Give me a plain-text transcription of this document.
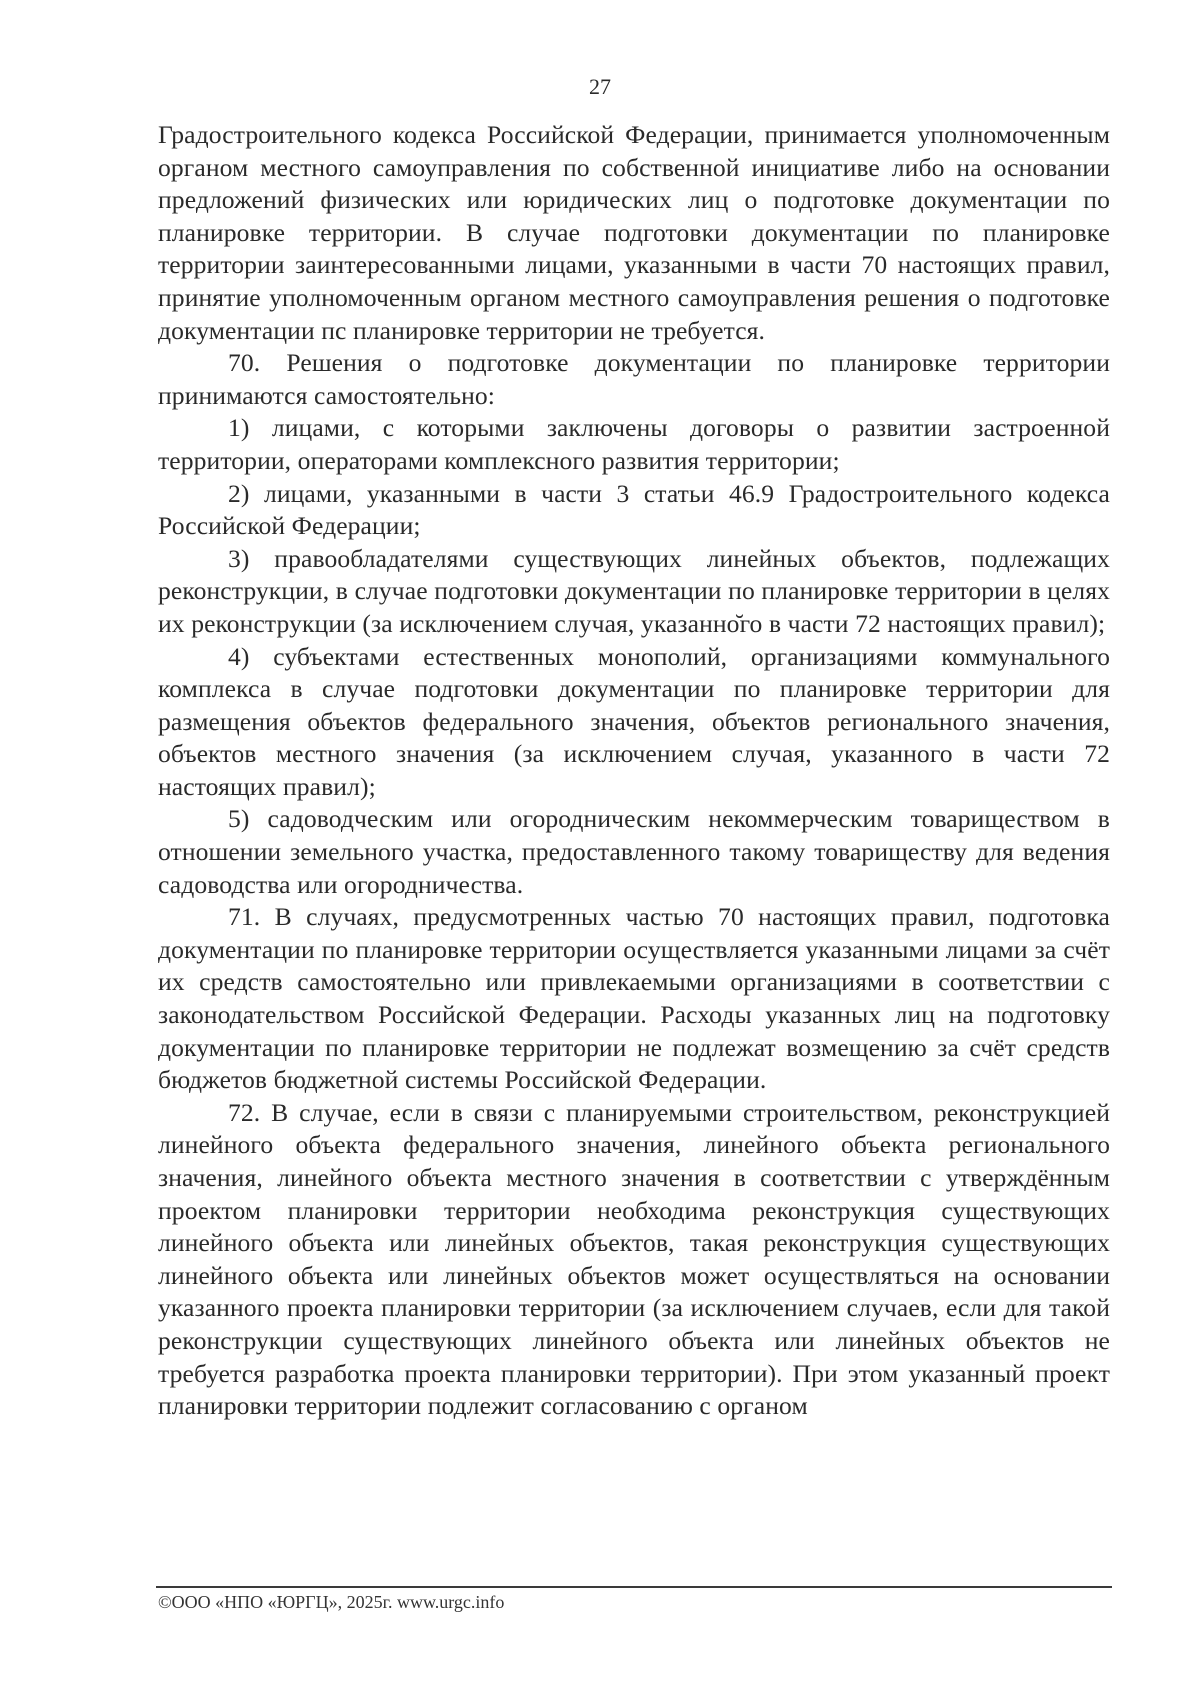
27

Градостроительного кодекса Российской Федерации, принимается уполномоченным органом местного самоуправления по собственной инициативе либо на основании предложений физических или юридических лиц о подготовке документации по планировке территории. В случае подготовки документации по планировке территории заинтересованными лицами, указанными в части 70 настоящих правил, принятие уполномоченным органом местного самоуправления решения о подготовке документации пс планировке территории не требуется.

70. Решения о подготовке документации по планировке территории принимаются самостоятельно:

1) лицами, с которыми заключены договоры о развитии застроенной территории, операторами комплексного развития территории;

2) лицами, указанными в части 3 статьи 46.9 Градостроительного кодекса Российской Федерации;

3) правообладателями существующих линейных объектов, подлежащих реконструкции, в случае подготовки документации по планировке территории в целях их реконструкции (за исключением случая, указанно̆го в части 72 настоящих правил);

4) субъектами естественных монополий, организациями коммунального комплекса в случае подготовки документации по планировке территории для размещения объектов федерального значения, объектов регионального значения, объектов местного значения (за исключением случая, указанного в части 72 настоящих правил);

5) садоводческим или огородническим некоммерческим товариществом в отношении земельного участка, предоставленного такому товариществу для ведения садоводства или огородничества.

71. В случаях, предусмотренных частью 70 настоящих правил, подготовка документации по планировке территории осуществляется указанными лицами за счёт их средств самостоятельно или привлекаемыми организациями в соответствии с законодательством Российской Федерации. Расходы указанных лиц на подготовку документации по планировке территории не подлежат возмещению за счёт средств бюджетов бюджетной системы Российской Федерации.

72. В случае, если в связи с планируемыми строительством, реконструкцией линейного объекта федерального значения, линейного объекта регионального значения, линейного объекта местного значения в соответствии с утверждённым проектом планировки территории необходима реконструкция существующих линейного объекта или линейных объектов, такая реконструкция существующих линейного объекта или линейных объектов может осуществляться на основании указанного проекта планировки территории (за исключением случаев, если для такой реконструкции существующих линейного объекта или линейных объектов не требуется разработка проекта планировки территории). При этом указанный проект планировки территории подлежит согласованию с органом

©ООО «НПО «ЮРГЦ», 2025г. www.urgc.info
